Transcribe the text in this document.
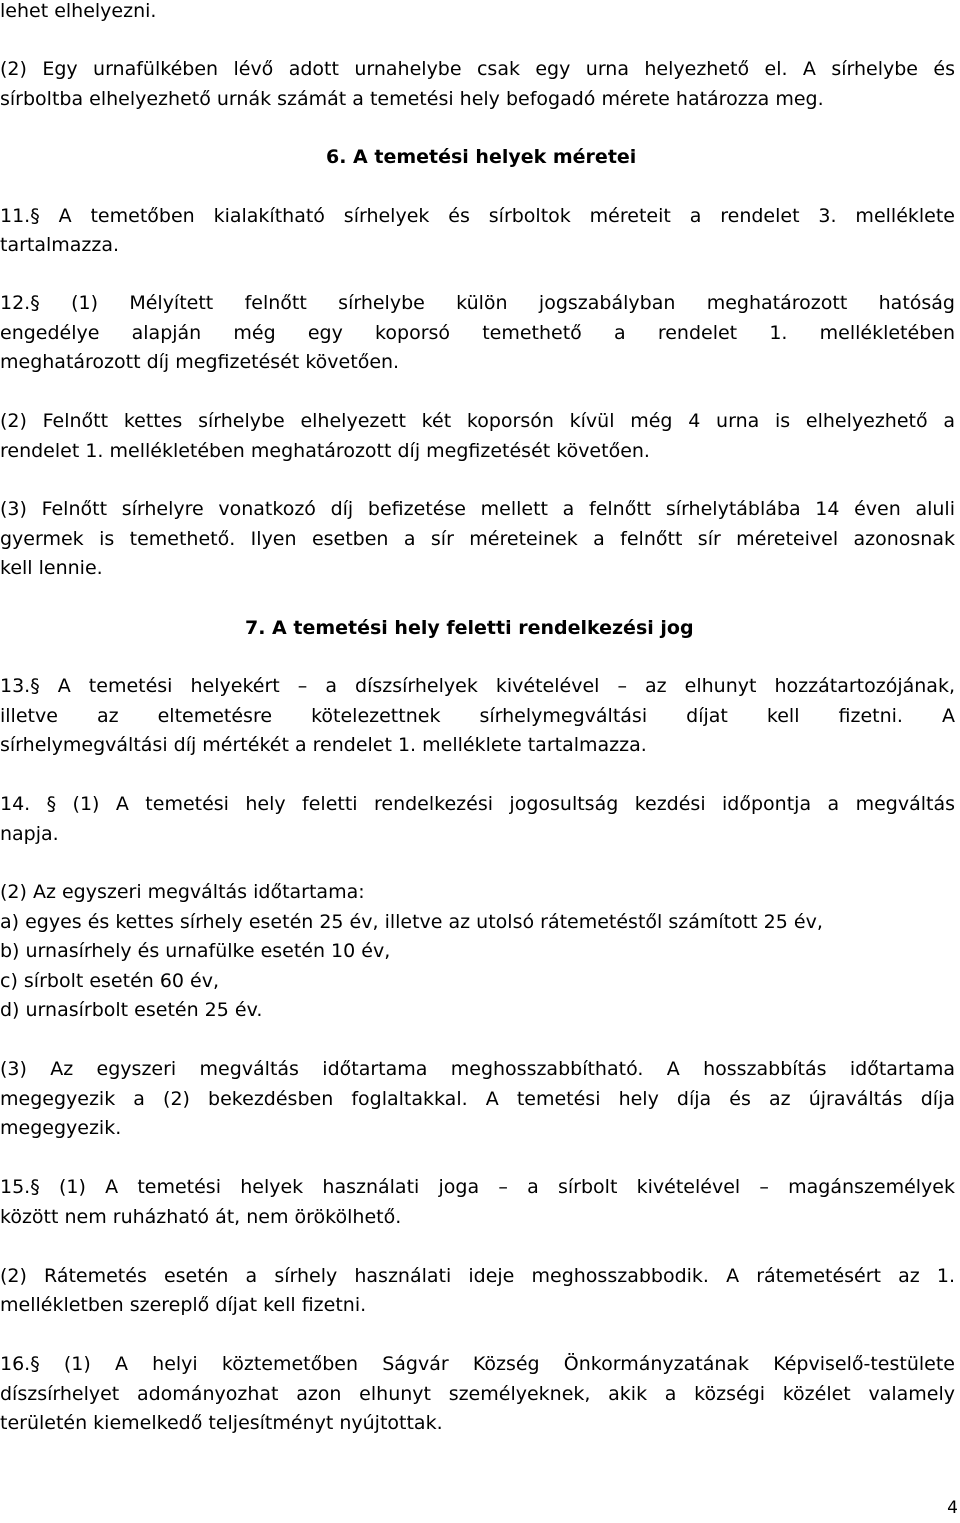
lehet elhelyezni.

(2) Egy urnafülkében lévő adott urnahelybe csak egy urna helyezhető el. A sírhelybe és

sírboltba elhelyezhető urnák számát a temetési hely befogadó mérete határozza meg.

6. A temetési helyek méretei

11.§ A temetőben kialakítható sírhelyek és sírboltok méreteit a rendelet 3. melléklete

tartalmazza.

12.§ (1) Mélyített felnőtt sírhelybe külön jogszabályban meghatározott hatóság

engedélye alapján még egy koporsó temethető a rendelet 1. mellékletében

meghatározott díj megfizetését követően.

(2) Felnőtt kettes sírhelybe elhelyezett két koporsón kívül még 4 urna is elhelyezhető a

rendelet 1. mellékletében meghatározott díj megfizetését követően.

(3) Felnőtt sírhelyre vonatkozó díj befizetése mellett a felnőtt sírhelytáblába 14 éven aluli

gyermek is temethető. Ilyen esetben a sír méreteinek a felnőtt sír méreteivel azonosnak

kell lennie.

7. A temetési hely feletti rendelkezési jog

13.§ A temetési helyekért – a díszsírhelyek kivételével – az elhunyt hozzátartozójának,

illetve az eltemetésre kötelezettnek sírhelymegváltási díjat kell fizetni. A

sírhelymegváltási díj mértékét a rendelet 1. melléklete tartalmazza.

14. § (1) A temetési hely feletti rendelkezési jogosultság kezdési időpontja a megváltás

napja.

(2) Az egyszeri megváltás időtartama:

a) egyes és kettes sírhely esetén 25 év, illetve az utolsó rátemetéstől számított 25 év,

b) urnasírhely és urnafülke esetén 10 év,

c) sírbolt esetén 60 év,

d) urnasírbolt esetén 25 év.

(3) Az egyszeri megváltás időtartama meghosszabbítható. A hosszabbítás időtartama

megegyezik a (2) bekezdésben foglaltakkal. A temetési hely díja és az újraváltás díja

megegyezik.

15.§ (1) A temetési helyek használati joga – a sírbolt kivételével – magánszemélyek

között nem ruházható át, nem örökölhető.

(2) Rátemetés esetén a sírhely használati ideje meghosszabbodik. A rátemetésért az 1.

mellékletben szereplő díjat kell fizetni.

16.§ (1) A helyi köztemetőben Ságvár Község Önkormányzatának Képviselő-testülete

díszsírhelyet adományozhat azon elhunyt személyeknek, akik a községi közélet valamely

területén kiemelkedő teljesítményt nyújtottak.

4
